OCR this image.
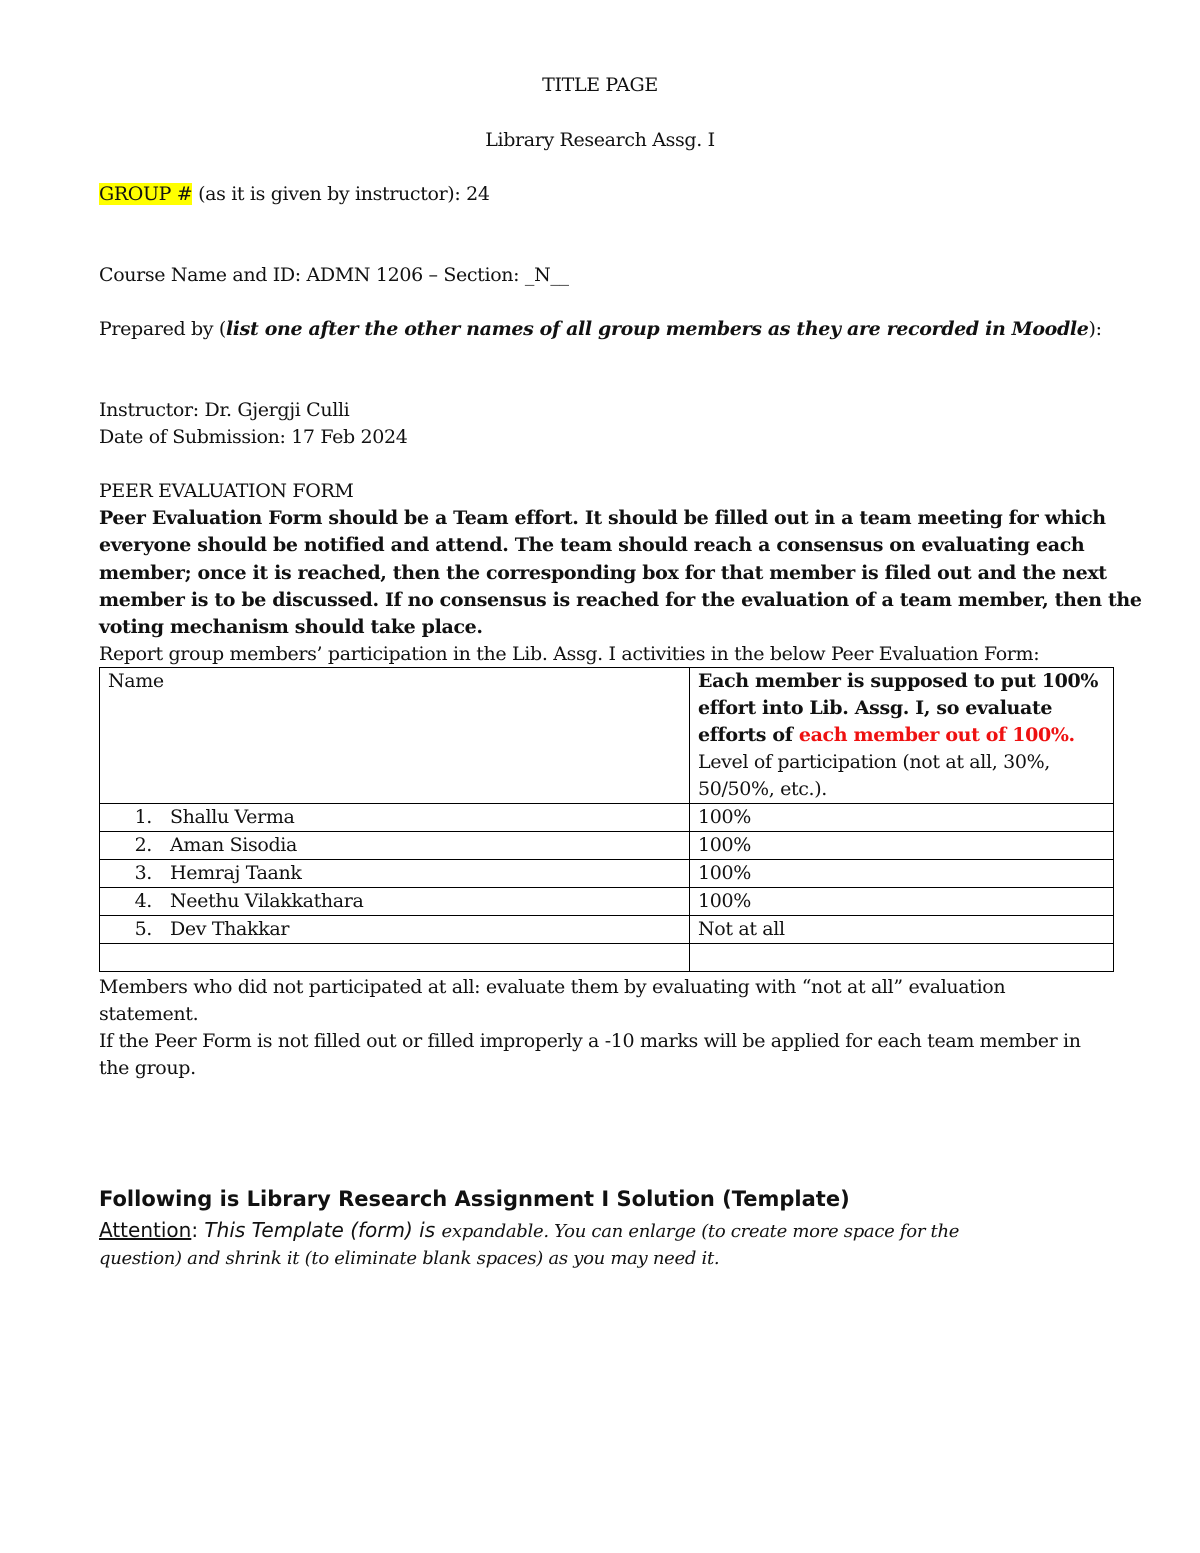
TITLE PAGE
Library Research Assg. I
GROUP # (as it is given by instructor): 24
Course Name and ID: ADMN 1206 – Section: _N__
Prepared by (list one after the other names of all group members as they are recorded in Moodle):
Instructor: Dr. Gjergji Culli
Date of Submission: 17 Feb 2024
PEER EVALUATION FORM
Peer Evaluation Form should be a Team effort. It should be filled out in a team meeting for which
everyone should be notified and attend. The team should reach a consensus on evaluating each
member; once it is reached, then the corresponding box for that member is filed out and the next
member is to be discussed. If no consensus is reached for the evaluation of a team member, then the
voting mechanism should take place.
Report group members’ participation in the Lib. Assg. I activities in the below Peer Evaluation Form:
Name	Each member is supposed to put 100%
effort into Lib. Assg. I, so evaluate
efforts of each member out of 100%.
Level of participation (not at all, 30%,
50/50%, etc.).

1. Shallu Verma	100%
2. Aman Sisodia	100%
3. Hemraj Taank	100%
4. Neethu Vilakkathara	100%
5. Dev Thakkar	Not at all

Members who did not participated at all: evaluate them by evaluating with “not at all” evaluation
statement.
If the Peer Form is not filled out or filled improperly a -10 marks will be applied for each team member in
the group.
Following is Library Research Assignment I Solution (Template)
Attention: This Template (form) is expandable. You can enlarge (to create more space for the
question) and shrink it (to eliminate blank spaces) as you may need it.
